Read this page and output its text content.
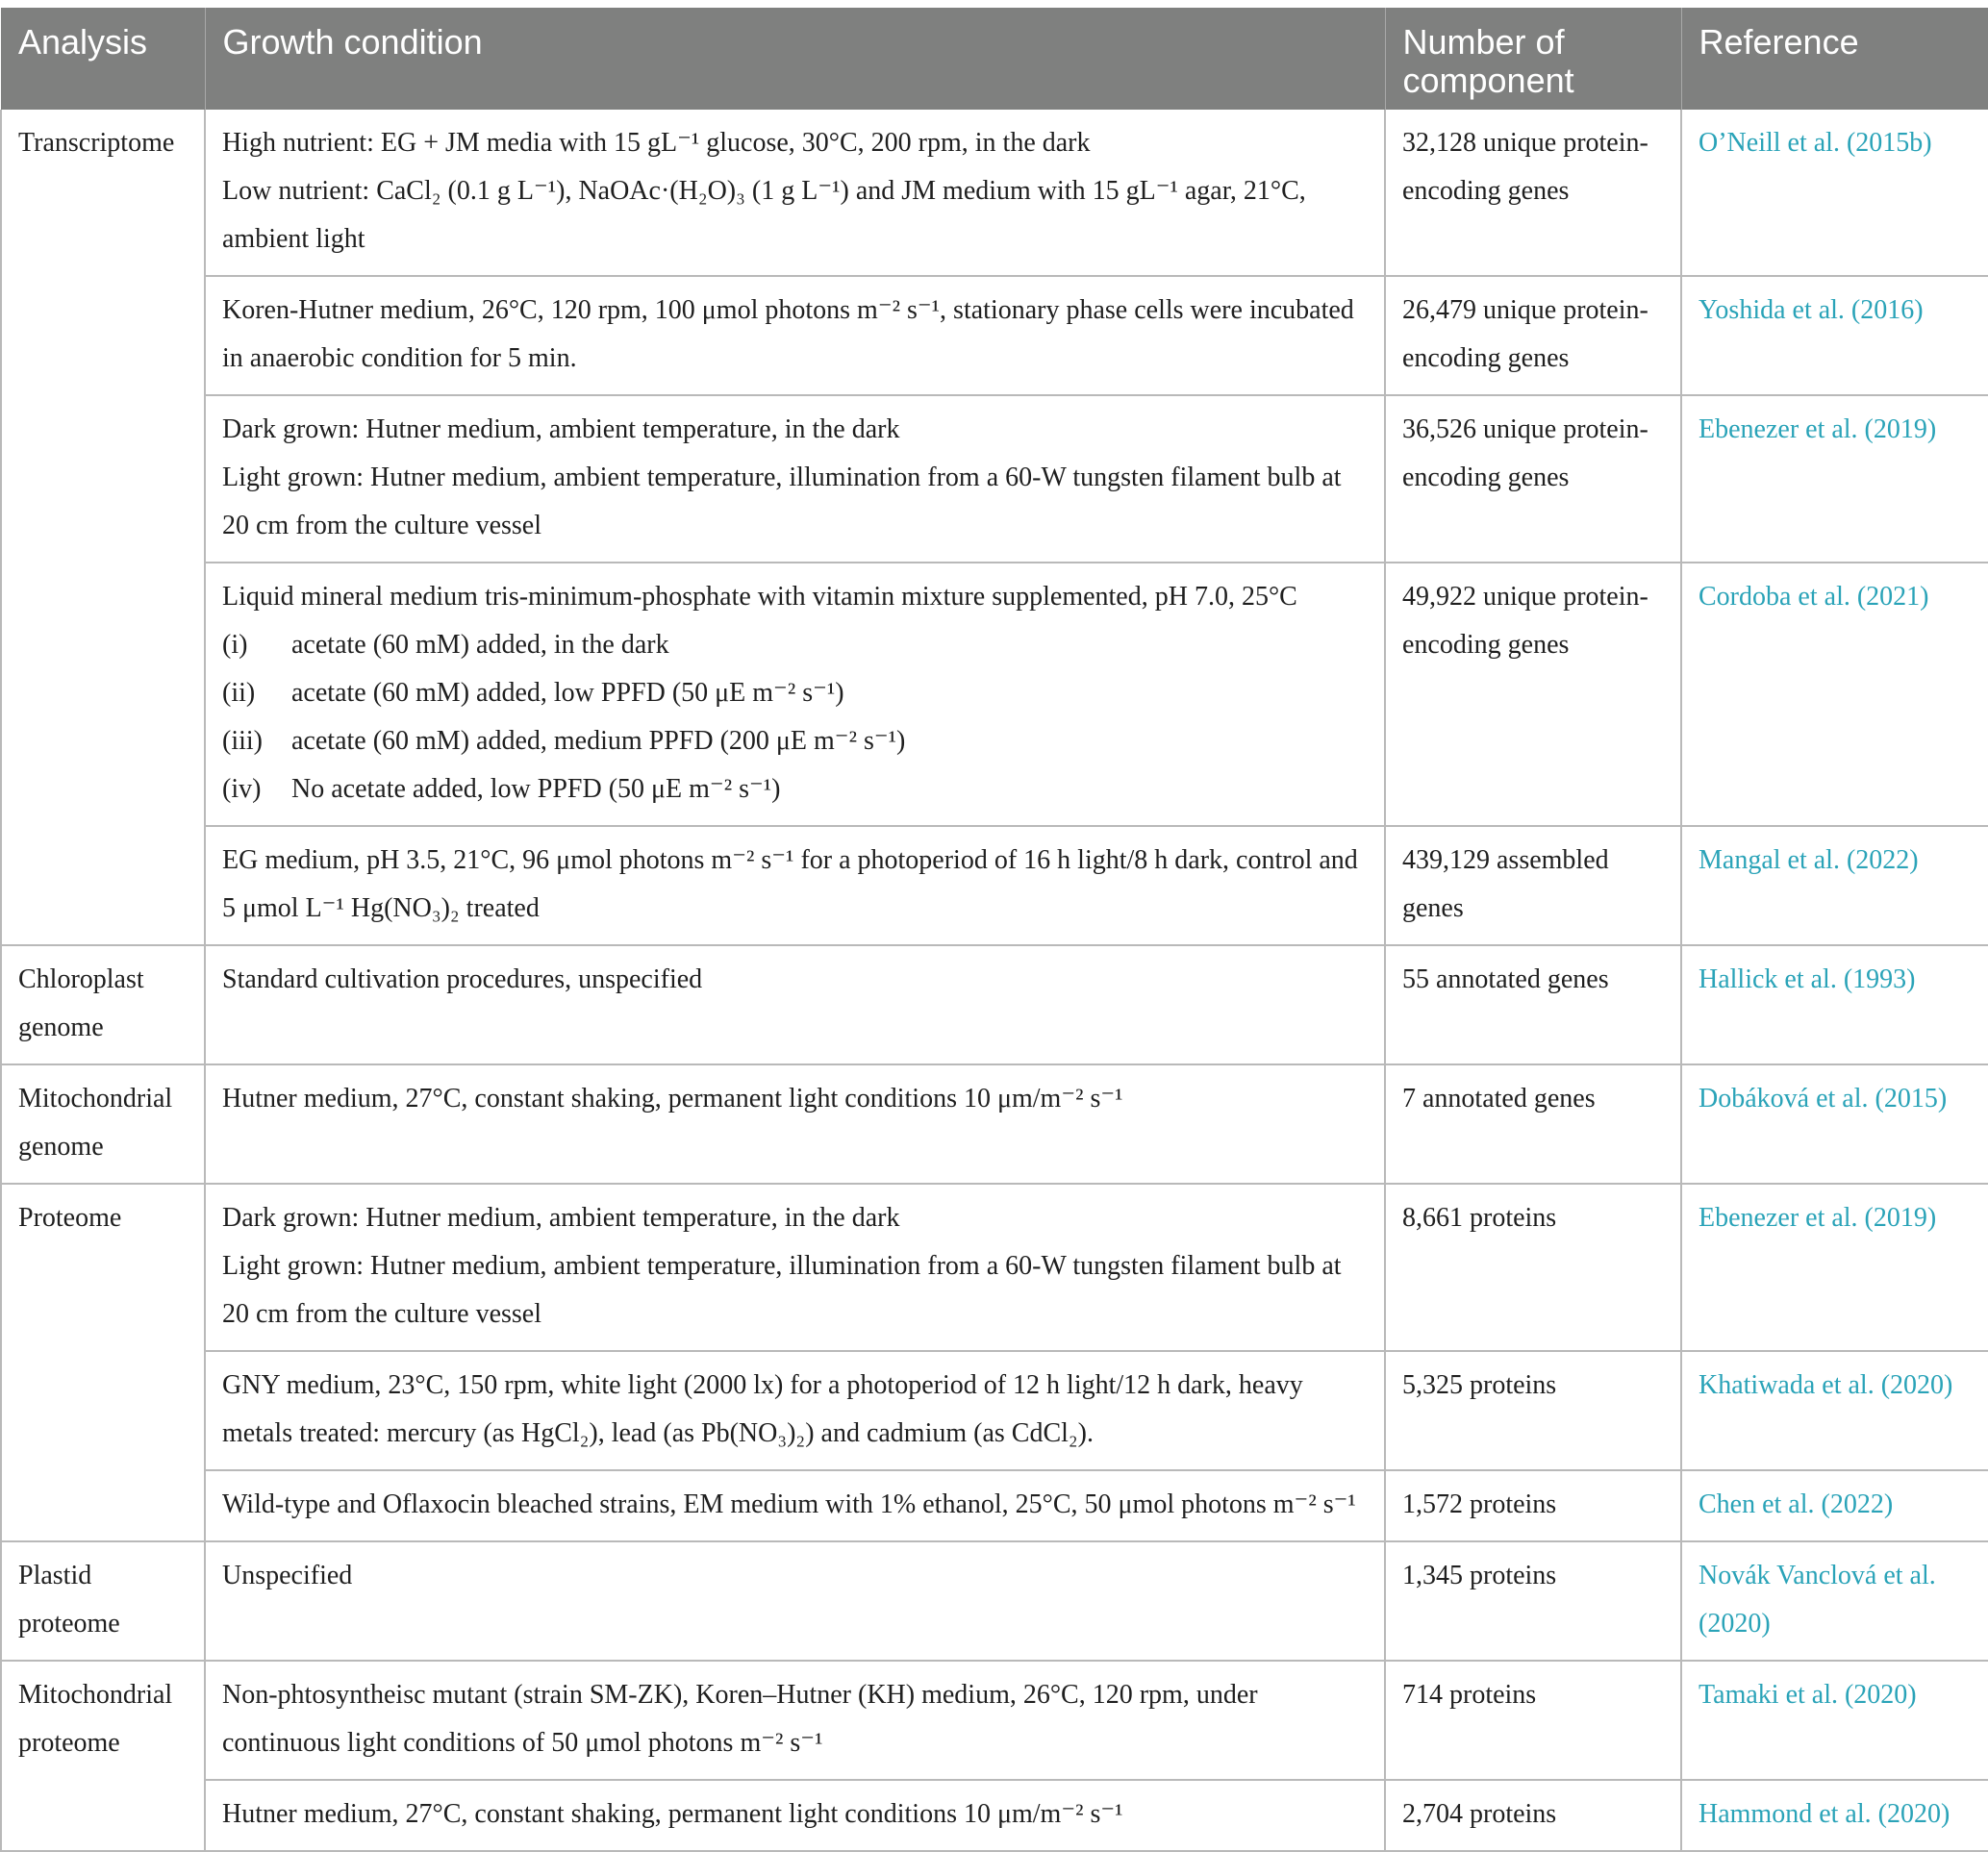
Analysis	Growth condition	Number of component	Reference
Transcriptome	High nutrient: EG + JM media with 15 gL⁻¹ glucose, 30°C, 200 rpm, in the dark
Low nutrient: CaCl₂ (0.1 g L⁻¹), NaOAc·(H₂O)₃ (1 g L⁻¹) and JM medium with 15 gL⁻¹ agar, 21°C, ambient light	32,128 unique protein-encoding genes	O’Neill et al. (2015b)

	Koren-Hutner medium, 26°C, 120 rpm, 100 μmol photons m⁻² s⁻¹, stationary phase cells were incubated in anaerobic condition for 5 min.	26,479 unique protein-encoding genes	Yoshida et al. (2016)

	Dark grown: Hutner medium, ambient temperature, in the dark
Light grown: Hutner medium, ambient temperature, illumination from a 60-W tungsten filament bulb at 20 cm from the culture vessel	36,526 unique protein-encoding genes	Ebenezer et al. (2019)

	Liquid mineral medium tris-minimum-phosphate with vitamin mixture supplemented, pH 7.0, 25°C
(i) acetate (60 mM) added, in the dark
(ii) acetate (60 mM) added, low PPFD (50 μE m⁻² s⁻¹)
(iii) acetate (60 mM) added, medium PPFD (200 μE m⁻² s⁻¹)
(iv) No acetate added, low PPFD (50 μE m⁻² s⁻¹)	49,922 unique protein-encoding genes	Cordoba et al. (2021)

	EG medium, pH 3.5, 21°C, 96 μmol photons m⁻² s⁻¹ for a photoperiod of 16 h light/8 h dark, control and 5 μmol L⁻¹ Hg(NO₃)₂ treated	439,129 assembled genes	Mangal et al. (2022)
Chloroplast genome	Standard cultivation procedures, unspecified	55 annotated genes	Hallick et al. (1993)
Mitochondrial genome	Hutner medium, 27°C, constant shaking, permanent light conditions 10 μm/m⁻² s⁻¹	7 annotated genes	Dobáková et al. (2015)
Proteome	Dark grown: Hutner medium, ambient temperature, in the dark
Light grown: Hutner medium, ambient temperature, illumination from a 60-W tungsten filament bulb at 20 cm from the culture vessel	8,661 proteins	Ebenezer et al. (2019)

	GNY medium, 23°C, 150 rpm, white light (2000 lx) for a photoperiod of 12 h light/12 h dark, heavy metals treated: mercury (as HgCl₂), lead (as Pb(NO₃)₂) and cadmium (as CdCl₂).	5,325 proteins	Khatiwada et al. (2020)

	Wild-type and Oflaxocin bleached strains, EM medium with 1% ethanol, 25°C, 50 μmol photons m⁻² s⁻¹	1,572 proteins	Chen et al. (2022)
Plastid proteome	Unspecified	1,345 proteins	Novák Vanclová et al. (2020)
Mitochondrial proteome	Non-phtosyntheisc mutant (strain SM-ZK), Koren–Hutner (KH) medium, 26°C, 120 rpm, under continuous light conditions of 50 μmol photons m⁻² s⁻¹	714 proteins	Tamaki et al. (2020)

	Hutner medium, 27°C, constant shaking, permanent light conditions 10 μm/m⁻² s⁻¹	2,704 proteins	Hammond et al. (2020)
